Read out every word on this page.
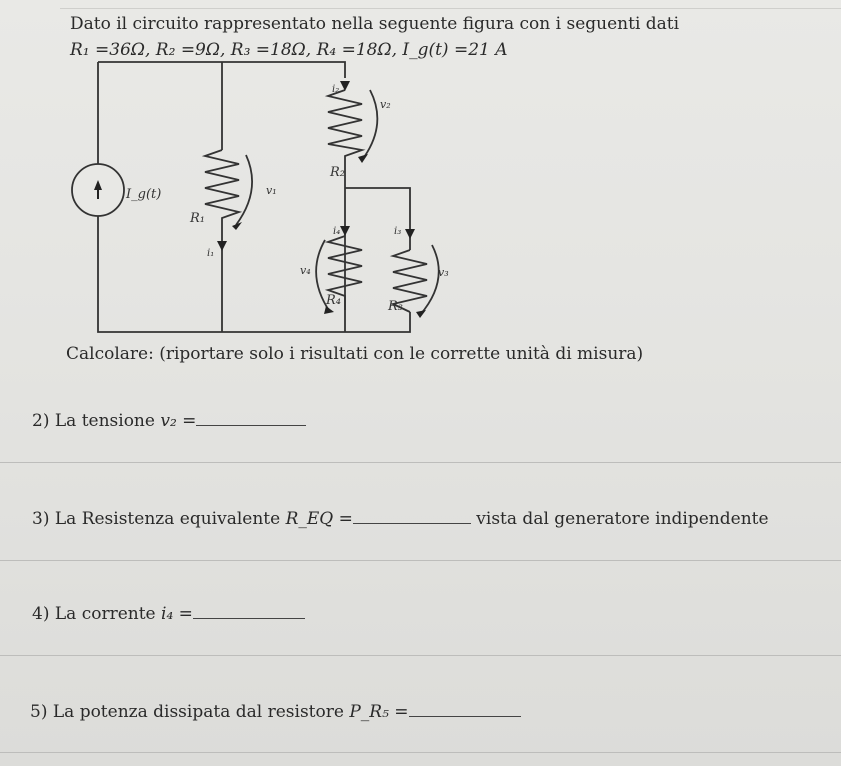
Dato il circuito rappresentato nella seguente figura con i seguenti dati
R₁ =36Ω, R₂ =9Ω, R₃ =18Ω, R₄ =18Ω, I_g(t) =21 A
I_g(t)
R₁
R₂
R₄	R₃
v₁
v₂
v₃
v₄
i₁
i₂
i₄	i₃
Calcolare: (riportare solo i risultati con le corrette unità di misura)
2) La tensione v₂ =
3) La Resistenza equivalente R_EQ =	vista dal generatore indipendente
4) La corrente i₄ =
5) La potenza dissipata dal resistore P_R₅ =
